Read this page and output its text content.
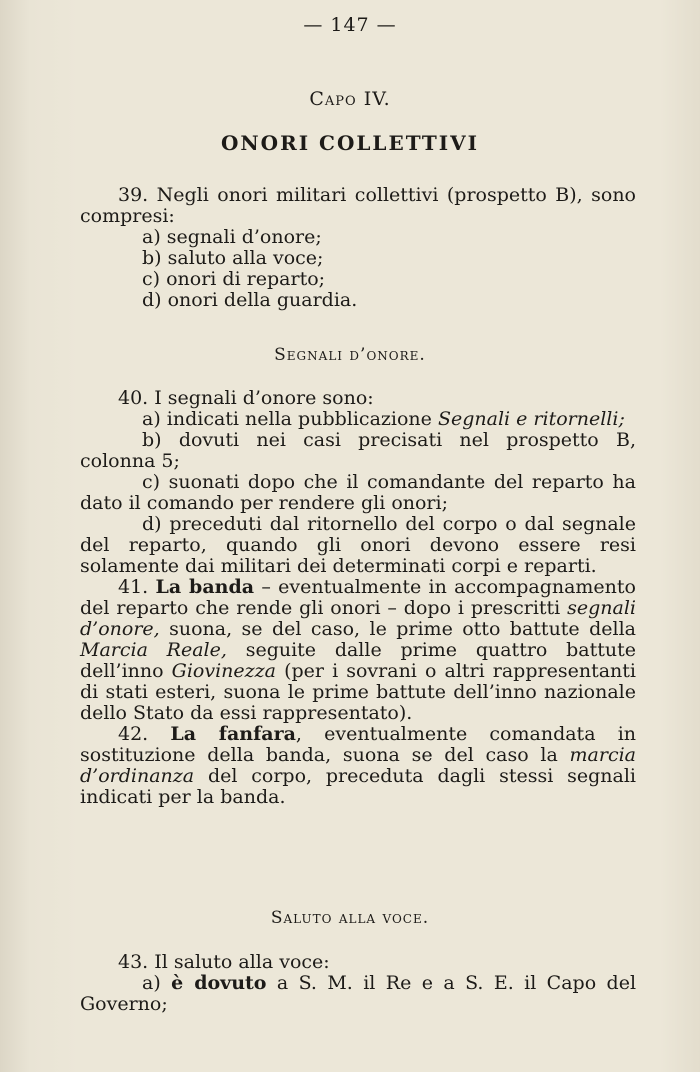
— 147 —
Capo IV.
ONORI COLLETTIVI

39. Negli onori militari collettivi (prospetto B), sono compresi:

a) segnali d’onore;

b) saluto alla voce;

c) onori di reparto;

d) onori della guardia.

Segnali d’onore.

40. I segnali d’onore sono:

a) indicati nella pubblicazione Segnali e ritornelli;

b) dovuti nei casi precisati nel prospetto B, colonna 5;

c) suonati dopo che il comandante del reparto ha dato il comando per rendere gli onori;

d) preceduti dal ritornello del corpo o dal segnale del reparto, quando gli onori devono essere resi solamente dai militari dei determinati corpi e reparti.

41. La banda – eventualmente in accompagnamento del reparto che rende gli onori – dopo i prescritti segnali d’onore, suona, se del caso, le prime otto battute della Marcia Reale, seguite dalle prime quattro battute dell’inno Giovinezza (per i sovrani o altri rappresentanti di stati esteri, suona le prime battute dell’inno nazionale dello Stato da essi rappresentato).

42. La fanfara, eventualmente comandata in sostituzione della banda, suona se del caso la marcia d’ordinanza del corpo, preceduta dagli stessi segnali indicati per la banda.

Saluto alla voce.

43. Il saluto alla voce:

a) è dovuto a S. M. il Re e a S. E. il Capo del Governo;
